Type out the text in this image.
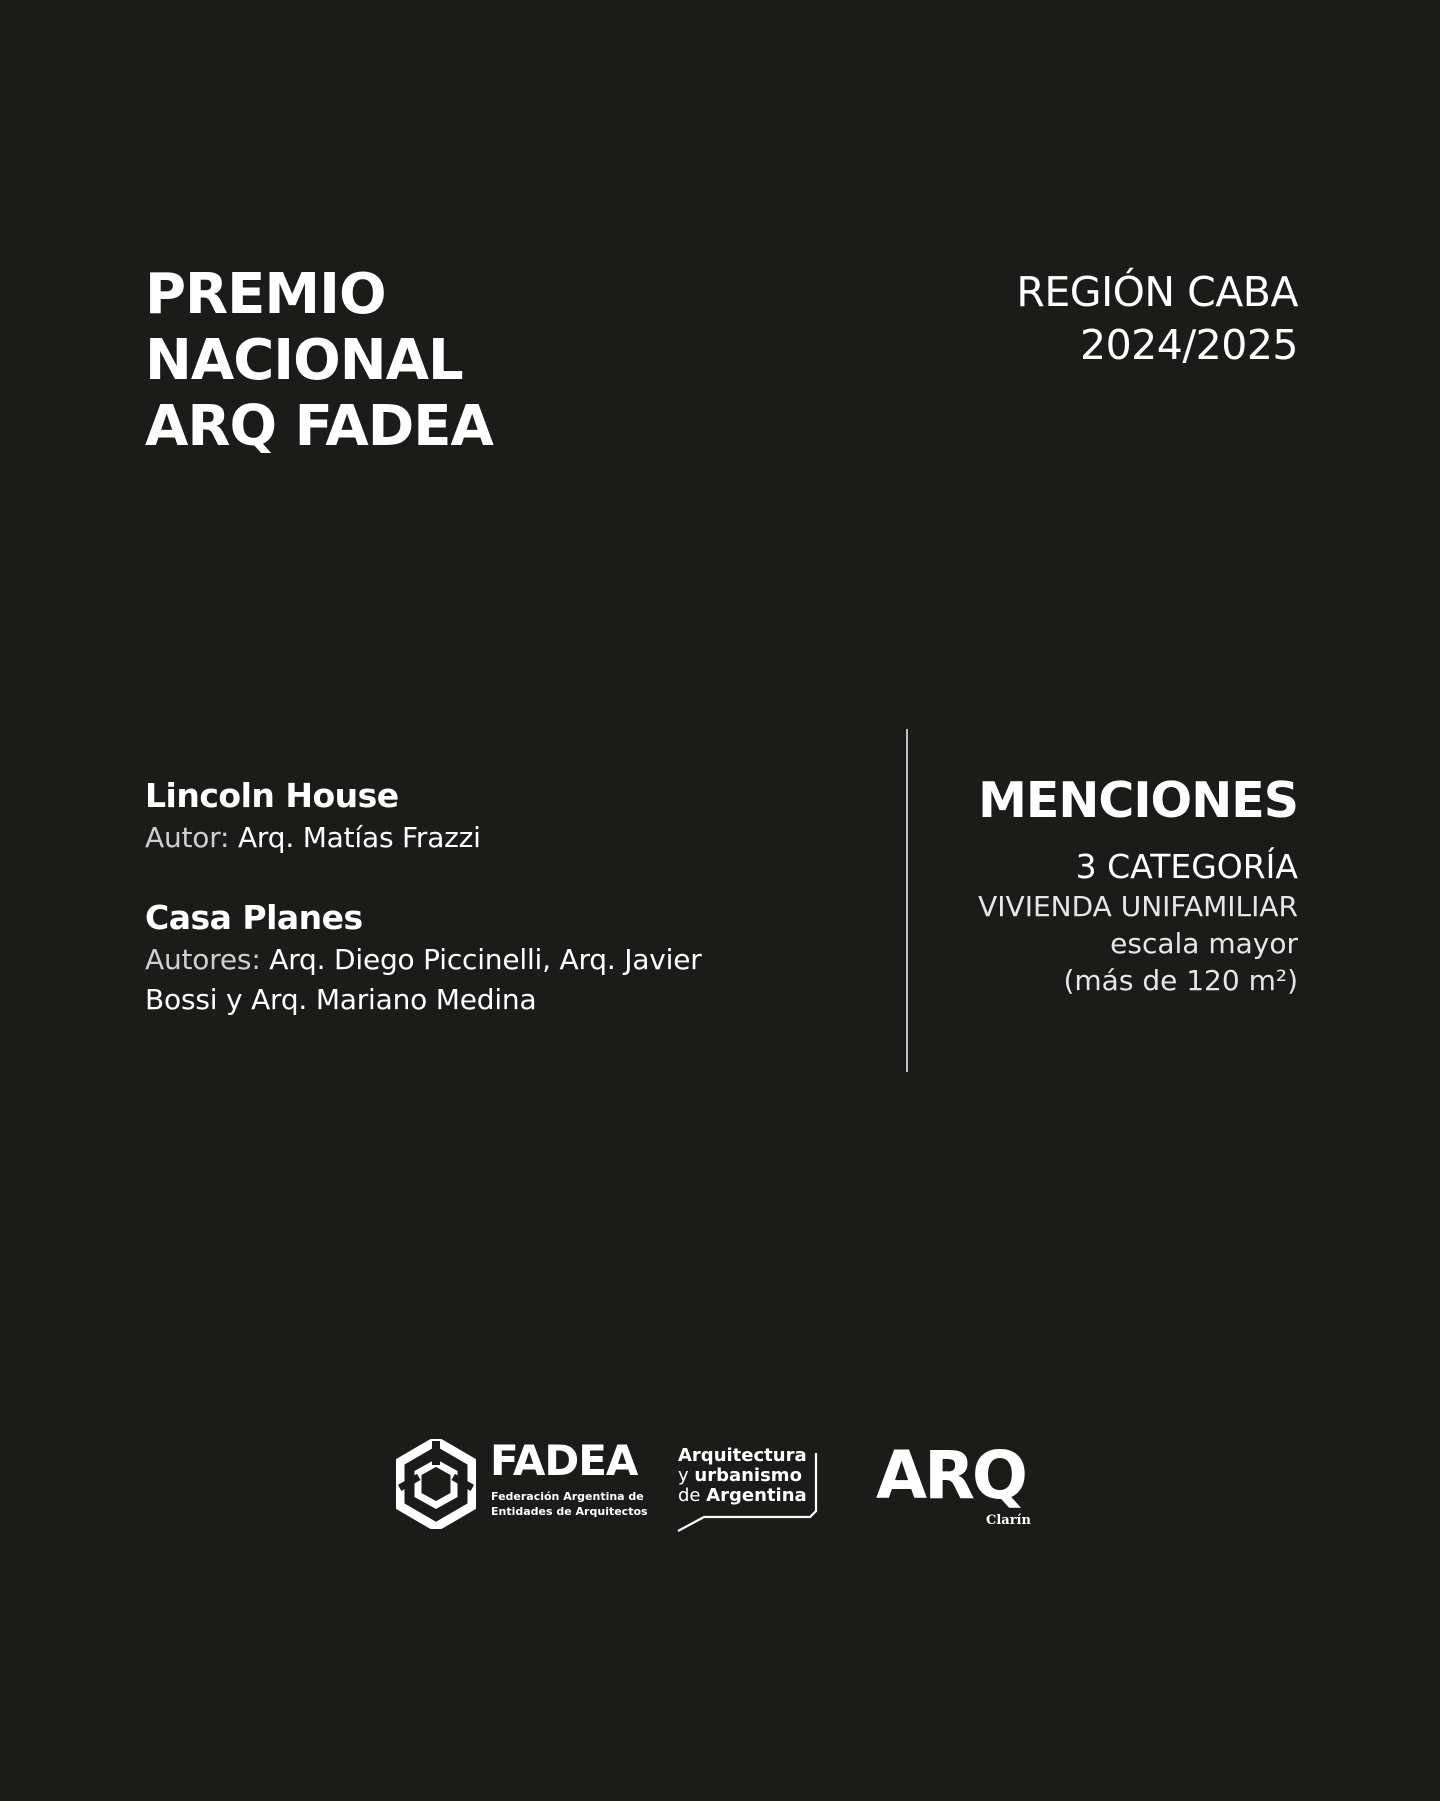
PREMIO
NACIONAL
ARQ FADEA
REGIÓN CABA
2024/2025
Lincoln House
Autor: Arq. Matías Frazzi
Casa Planes
Autores: Arq. Diego Piccinelli, Arq. Javier
Bossi y Arq. Mariano Medina
MENCIONES
3 CATEGORÍA
VIVIENDA UNIFAMILIAR
escala mayor
(más de 120 m²)
FADEA
Federación Argentina de
Entidades de Arquitectos
Arquitectura
y urbanismo
de Argentina ARQ
Clarín
